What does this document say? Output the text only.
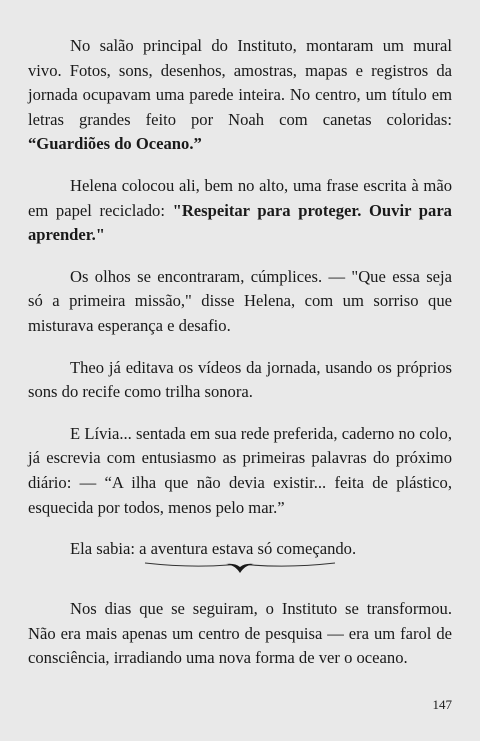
No salão principal do Instituto, montaram um mural vivo. Fotos, sons, desenhos, amostras, mapas e registros da jornada ocupavam uma parede inteira. No centro, um título em letras grandes feito por Noah com canetas coloridas: “Guardiões do Oceano.”

Helena colocou ali, bem no alto, uma frase escrita à mão em papel reciclado: "Respeitar para proteger. Ouvir para aprender."

Os olhos se encontraram, cúmplices. — "Que essa seja só a primeira missão," disse Helena, com um sorriso que misturava esperança e desafio.

Theo já editava os vídeos da jornada, usando os próprios sons do recife como trilha sonora.

E Lívia... sentada em sua rede preferida, caderno no colo, já escrevia com entusiasmo as primeiras palavras do próximo diário: — “A ilha que não devia existir... feita de plástico, esquecida por todos, menos pelo mar.”

Ela sabia: a aventura estava só começando.

Nos dias que se seguiram, o Instituto se transformou. Não era mais apenas um centro de pesquisa — era um farol de consciência, irradiando uma nova forma de ver o oceano.

147
